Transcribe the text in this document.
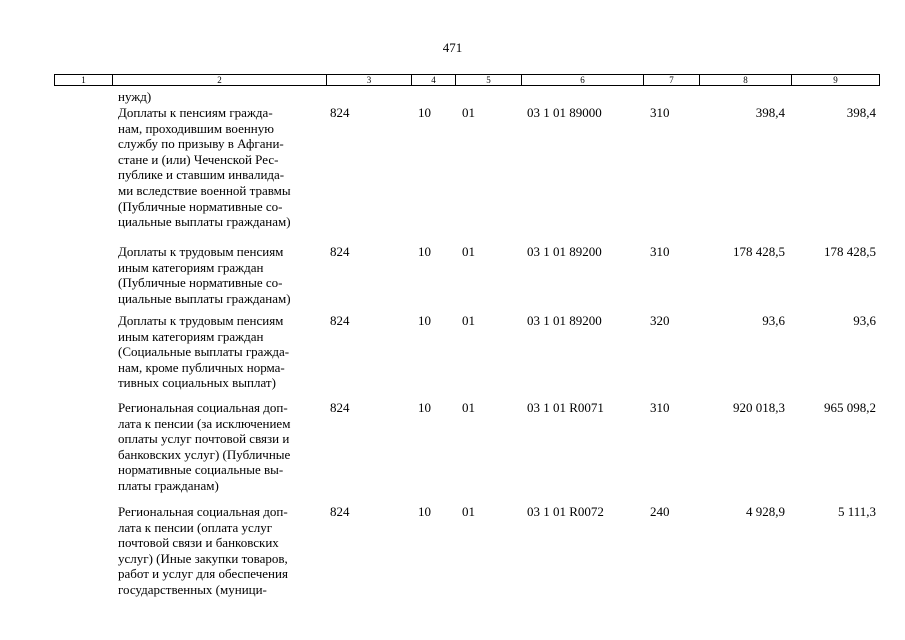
471
1	2	3	4	5	6	7	8	9
нужд)
Доплаты к пенсиям гражда-
нам, проходившим военную
службу по призыву в Афгани-
стане и (или) Чеченской Рес-
публике и ставшим инвалида-
ми вследствие военной травмы
(Публичные нормативные со-
циальные выплаты гражданам)
824	10 01	03 1 01 89000	310	398,4	398,4
Доплаты к трудовым пенсиям
иным категориям граждан
(Публичные нормативные со-
циальные выплаты гражданам)
824	10 01	03 1 01 89200	310	178 428,5	178 428,5
Доплаты к трудовым пенсиям
иным категориям граждан
(Социальные выплаты гражда-
нам, кроме публичных норма-
тивных социальных выплат)
824	10 01	03 1 01 89200	320	93,6	93,6
Региональная социальная доп-
лата к пенсии (за исключением
оплаты услуг почтовой связи и
банковских услуг) (Публичные
нормативные социальные вы-
платы гражданам)
824	10 01	03 1 01 R0071	310	920 018,3	965 098,2
Региональная социальная доп-
лата к пенсии (оплата услуг
почтовой связи и банковских
услуг) (Иные закупки товаров,
работ и услуг для обеспечения
государственных (муници-
824	10 01	03 1 01 R0072	240	4 928,9	5 111,3
